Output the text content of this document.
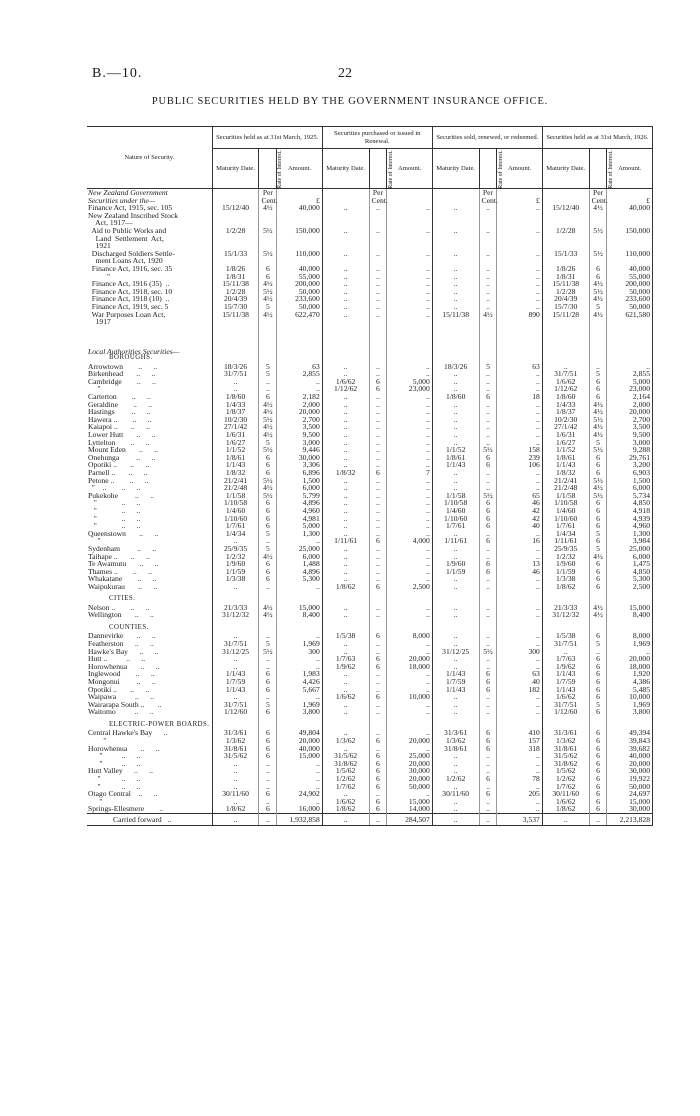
B.—10.	22
PUBLIC SECURITIES HELD BY THE GOVERNMENT INSURANCE OFFICE.
Nature of Security.	Securities held as at 31st March, 1925.			Securities purchased or issued in Renewal.			Securities sold, renewed, or redeemed.			Securities held as at 31st March, 1926.		
	Maturity Date.	Rate of Interest.	Amount.	Maturity Date.	Rate of Interest.	Amount.	Maturity Date.	Rate of Interest.	Amount.	Maturity Date.	Rate of Interest.	Amount.
New Zealand Government		Per			Per			Per			Per	
Securities under the—		Cent.	£		Cent.			Cent.	£		Cent.	£
Finance Act, 1915, sec. 105	15/12/40	4½	40,000	..	..	..	..	..	..	15/12/40	4½	40,000
New Zealand Inscribed Stock												
Act, 1917—												
Aid to Public Works and	1/2/28	5½	150,000	..	..	..	..	..	..	1/2/28	5½	150,000
Land  Settlement  Act,												
1921												
Discharged Soldiers Settle-	15/1/33	5½	110,000	..	..	..	..	..	..	15/1/33	5½	110,000
ment Loans Act, 1920												
Finance Act, 1916, sec. 35	1/8/26	6	40,000	..	..	..	..	..	..	1/8/26	6	40,000
"	1/8/31	6	55,000	..	..	..	..	..	..	1/8/31	6	55,000
Finance Act, 1916 (35)  ..	15/11/38	4½	200,000	..	..	..	..	..	..	15/11/38	4½	200,000
Finance Act, 1918, sec. 10	1/2/28	5½	50,000	..	..	..	..	..	..	1/2/28	5½	50,000
Finance Act, 1918 (10)  ..	20/4/39	4½	233,600	..	..	..	..	..	..	20/4/39	4½	233,600
Finance Act, 1919, sec. 5	15/7/30	5	50,000	..	..	..	..	..	..	15/7/30	5	50,000
War Purposes Loan Act,	15/11/38	4½	622,470	..	..	..	15/11/38	4½	890	15/11/28	4½	621,580
1917												

Local Authorities Securities—												
BOROUGHS.												
Arrowtown        ..      ..	18/3/26	5	63	..	..	..	18/3/26	5	63	..	..	..
Birkenhead       ..      ..	31/7/51	5	2,855	..	..	..	..	..	..	31/7/51	5	2,855
Cambridge        ..      ..	..	..	..	1/6/62	6	5,000	..	..	..	1/6/62	6	5,000
"	..	..	..	1/12/62	6	23,000	..	..	..	1/12/62	6	23,000
Carterton        ..      ..	1/8/60	6	2,182	..	..	..	1/8/60	6	18	1/8/60	6	2,164
Geraldine        ..      ..	1/4/33	4½	2,000	..	..	..	..	..	..	1/4/33	4½	2,000
Hastings         ..      ..	1/8/37	4½	20,000	..	..	..	..	..	..	1/8/37	4½	20,000
Hawera ..        ..      ..	10/2/30	5½	2,700	..	..	..	..	..	..	10/2/30	5½	2,700
Kaiapoi ..       ..      ..	27/1/42	4½	3,500	..	..	..	..	..	..	27/1/42	4½	3,500
Lower Hutt       ..      ..	1/6/31	4½	9,500	..	..	..	..	..	..	1/6/31	4½	9,500
Lyttelton        ..      ..	1/6/27	5	3,000	..	..	..	..	..	..	1/6/27	5	3,000
Mount Eden       ..      ..	1/1/52	5½	9,446	..	..	..	1/1/52	5½	158	1/1/52	5½	9,288
Onehunga         ..      ..	1/8/61	6	30,000	..	..	..	1/8/61	6	239	1/8/61	6	29,761
Opotiki ..       ..      ..	1/1/43	6	3,306	..	..	..	1/1/43	6	106	1/1/43	6	3,200
Parnell ..       ..      ..	1/8/32	6	6,896	1/8/32	6	7	..	..	..	1/8/32	6	6,903
Petone ..        ..      ..	21/2/41	5½	1,500	..	..	..	..	..	..	21/2/41	5½	1,500
"    ..        ..      ..	21/2/48	4½	6,000	..	..	..	..	..	..	21/2/48	4½	6,000
Pukekohe         ..      ..	1/1/58	5½	5,799	..	..	..	1/1/58	5½	65	1/1/58	5½	5,734
"             ..      ..	1/10/58	6	4,896	..	..	..	1/10/58	6	46	1/10/58	6	4,850
"             ..      ..	1/4/60	6	4,960	..	..	..	1/4/60	6	42	1/4/60	6	4,918
"             ..      ..	1/10/60	6	4,981	..	..	..	1/10/60	6	42	1/10/60	6	4,939
"             ..      ..	1/7/61	6	5,000	..	..	..	1/7/61	6	40	1/7/61	6	4,960
Queenstown       ..      ..	1/4/34	5	1,300	..	..	..	..	..	..	1/4/34	5	1,300
"	..	..	..	1/11/61	6	4,000	1/11/61	6	16	1/11/61	6	3,984
Sydenham         ..      ..	25/9/35	5	25,000	..	..	..	..	..	..	25/9/35	5	25,000
Taihape ..       ..      ..	1/2/32	4½	6,000	..	..	..	..	..	..	1/2/32	4½	6,000
Te Awamutu       ..      ..	1/9/60	6	1,488	..	..	..	1/9/60	6	13	1/9/60	6	1,475
Thames ..        ..      ..	1/1/59	6	4,896	..	..	..	1/1/59	6	46	1/1/59	6	4,850
Whakatane        ..      ..	1/3/38	6	5,300	..	..	..	..	..	..	1/3/38	6	5,300
Waipukurau       ..      ..	..	..	..	1/8/62	6	2,500	..	..	..	1/8/62	6	2,500

CITIES.												
Nelson ..        ..      ..	21/3/33	4½	15,000	..	..	..	..	..	..	21/3/33	4½	15,000
Wellington       ..      ..	31/12/32	4½	8,400	..	..	..	..	..	..	31/12/32	4½	8,400

COUNTIES.												
Dannevirke       ..      ..	..	..	..	1/5/38	6	8,000	..	..	..	1/5/38	6	8,000
Featherston      ..      ..	31/7/51	5	1,969	..	..	..	..	..	..	31/7/51	5	1,969
Hawke's Bay      ..      ..	31/12/25	5½	300	..	..	..	31/12/25	5½	300	..	..	..
Hutt ..          ..      ..	..	..	..	1/7/63	6	20,000	..	..	..	1/7/63	6	20,000
Horowhenua       ..      ..	..	..	..	1/9/62	6	18,000	..	..	..	1/9/62	6	18,000
Inglewood        ..      ..	1/1/43	6	1,983	..	..	..	1/1/43	6	63	1/1/43	6	1,920
Mongonui         ..      ..	1/7/59	6	4,426	..	..	..	1/7/59	6	40	1/7/59	6	4,386
Opotiki ..       ..      ..	1/1/43	6	5,667	..	..	..	1/1/43	6	182	1/1/43	6	5,485
Waipawa          ..      ..	..	..	..	1/6/62	6	10,000	..	..	..	1/6/62	6	10,000
Wairarapa South ..       ..	31/7/51	5	1,969	..	..	..	..	..	..	31/7/51	5	1,969
Waitomo          ..      ..	1/12/60	6	3,800	..	..	..	..	..	..	1/12/60	6	3,800

ELECTRIC-POWER BOARDS.												
Central Hawke's Bay      ..	31/3/61	6	49,804	..	..	..	31/3/61	6	410	31/3/61	6	49,394
"	1/3/62	6	20,000	1/3/62	6	20,000	1/3/62	6	157	1/3/62	6	39,843
Horowhenua       ..      ..	31/8/61	6	40,000	..	..	..	31/8/61	6	318	31/8/61	6	39,682
"          ..      ..	31/5/62	6	15,000	31/5/62	6	25,000	..	..	..	31/5/62	6	40,000
"          ..      ..	..	..	..	31/8/62	6	20,000	..	..	..	31/8/62	6	20,000
Hutt Valley      ..      ..	..	..	..	1/5/62	6	30,000	..	..	..	1/5/62	6	30,000
"           ..      ..	..	..	..	1/2/62	6	20,000	1/2/62	6	78	1/2/62	6	19,922
"           ..      ..	..	..	..	1/7/62	6	50,000	..	..	..	1/7/62	6	50,000
Otago Central    ..      ..	30/11/60	6	24,902	..	..	..	30/11/60	6	205	30/11/60	6	24,697
"	..	..	..	1/6/62	6	15,000	..	..	..	1/6/62	6	15,000
Springs-Ellesmere        ..	1/8/62	6	16,000	1/8/62	6	14,000	..	..	..	1/8/62	6	30,000
Carried forward   ..	..	..	1,932,858	..	..	284,507	..	..	3,537	..	..	2,213,828
